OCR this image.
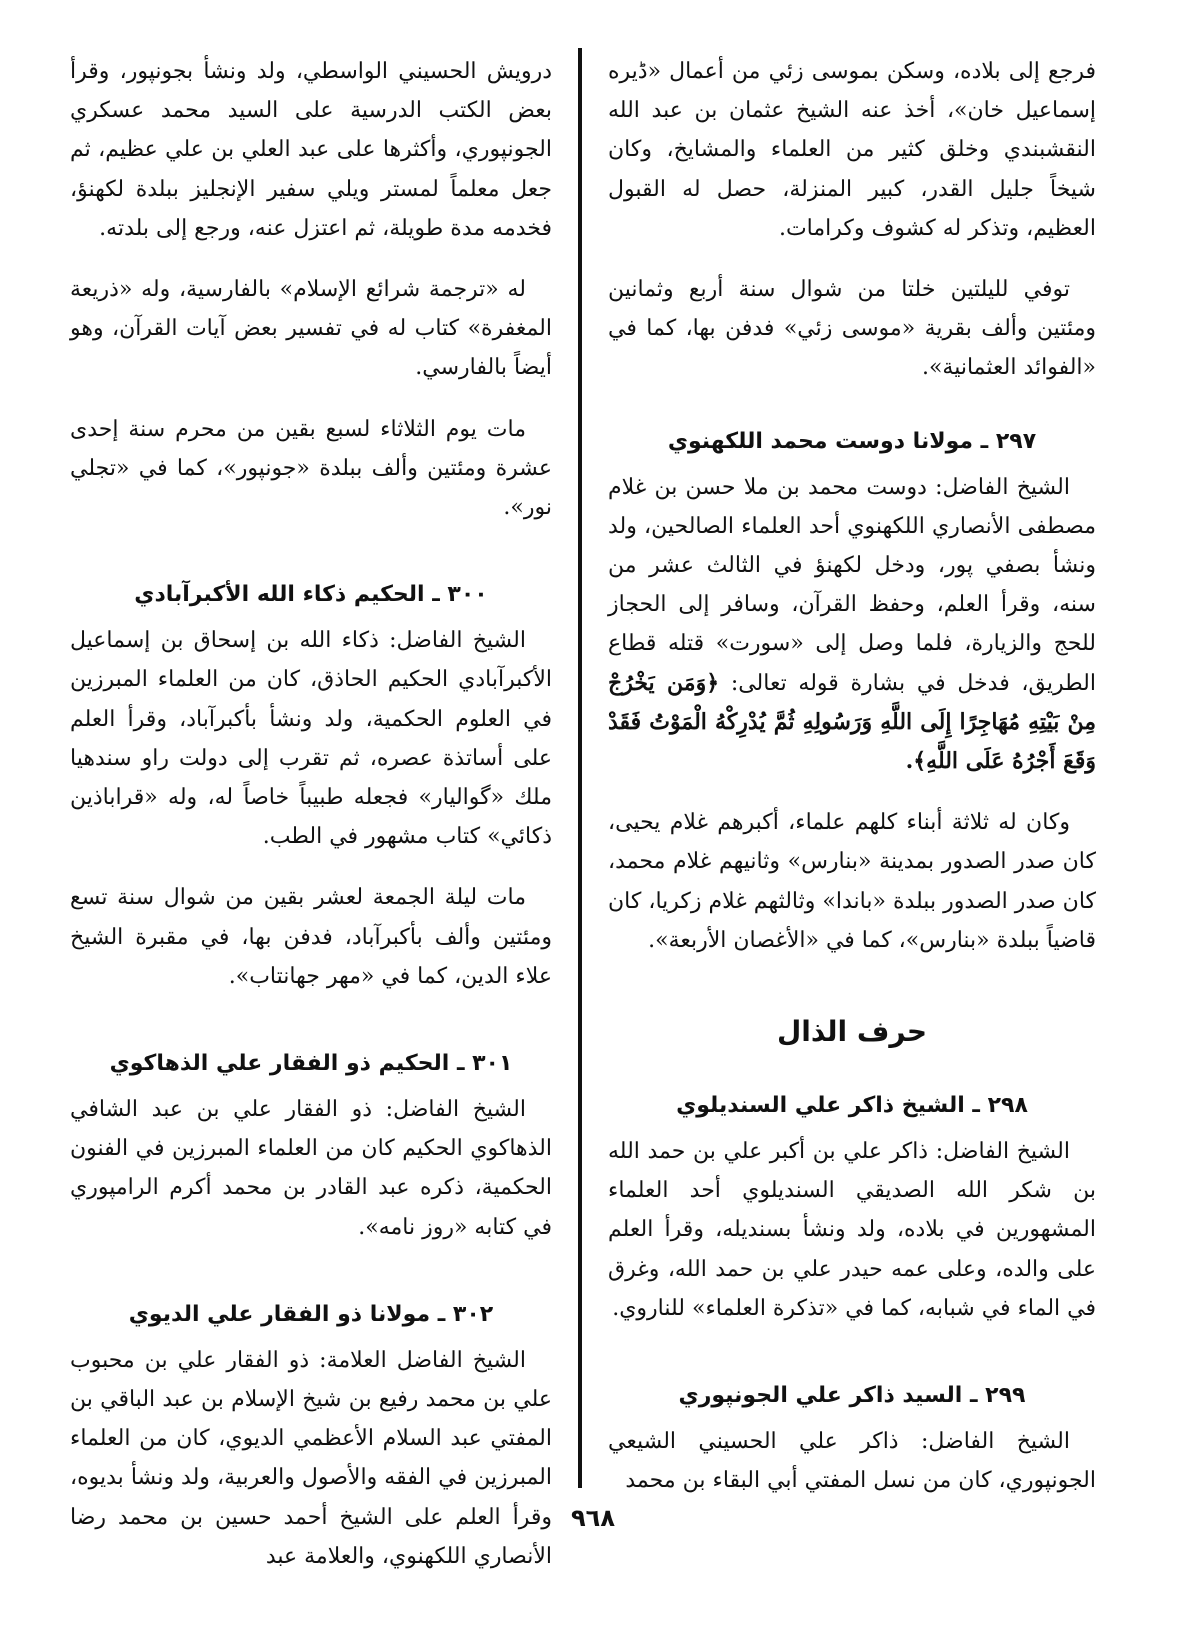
فرجع إلى بلاده، وسكن بموسى زئي من أعمال «ڈيره إسماعيل خان»، أخذ عنه الشيخ عثمان بن عبد الله النقشبندي وخلق كثير من العلماء والمشايخ، وكان شيخاً جليل القدر، كبير المنزلة، حصل له القبول العظيم، وتذكر له كشوف وكرامات.

توفي لليلتين خلتا من شوال سنة أربع وثمانين ومئتين وألف بقرية «موسى زئي» فدفن بها، كما في «الفوائد العثمانية».

٢٩٧ ـ مولانا دوست محمد اللكهنوي

الشيخ الفاضل: دوست محمد بن ملا حسن بن غلام مصطفى الأنصاري اللكهنوي أحد العلماء الصالحين، ولد ونشأ بصفي پور، ودخل لكهنؤ في الثالث عشر من سنه، وقرأ العلم، وحفظ القرآن، وسافر إلى الحجاز للحج والزيارة، فلما وصل إلى «سورت» قتله قطاع الطريق، فدخل في بشارة قوله تعالى: ﴿وَمَن يَخْرُجْ مِنْ بَيْتِهِ مُهَاجِرًا إِلَى اللَّهِ وَرَسُولِهِ ثُمَّ يُدْرِكْهُ الْمَوْتُ فَقَدْ وَقَعَ أَجْرُهُ عَلَى اللَّهِ﴾.

وكان له ثلاثة أبناء كلهم علماء، أكبرهم غلام يحيى، كان صدر الصدور بمدينة «بنارس» وثانيهم غلام محمد، كان صدر الصدور ببلدة «باندا» وثالثهم غلام زكريا، كان قاضياً ببلدة «بنارس»، كما في «الأغصان الأربعة».

حرف الذال
٢٩٨ ـ الشيخ ذاكر علي السنديلوي

الشيخ الفاضل: ذاكر علي بن أكبر علي بن حمد الله بن شكر الله الصديقي السنديلوي أحد العلماء المشهورين في بلاده، ولد ونشأ بسنديله، وقرأ العلم على والده، وعلى عمه حيدر علي بن حمد الله، وغرق في الماء في شبابه، كما في «تذكرة العلماء» للناروي.

٢٩٩ ـ السيد ذاكر علي الجونپوري

الشيخ الفاضل: ذاكر علي الحسيني الشيعي الجونپوري، كان من نسل المفتي أبي البقاء بن محمد

درويش الحسيني الواسطي، ولد ونشأ بجونپور، وقرأ بعض الكتب الدرسية على السيد محمد عسكري الجونپوري، وأكثرها على عبد العلي بن علي عظيم، ثم جعل معلماً لمستر ويلي سفير الإنجليز ببلدة لكهنؤ، فخدمه مدة طويلة، ثم اعتزل عنه، ورجع إلى بلدته.

له «ترجمة شرائع الإسلام» بالفارسية، وله «ذريعة المغفرة» كتاب له في تفسير بعض آيات القرآن، وهو أيضاً بالفارسي.

مات يوم الثلاثاء لسبع بقين من محرم سنة إحدى عشرة ومئتين وألف ببلدة «جونپور»، كما في «تجلي نور».

٣٠٠ ـ الحكيم ذكاء الله الأكبرآبادي

الشيخ الفاضل: ذكاء الله بن إسحاق بن إسماعيل الأكبرآبادي الحكيم الحاذق، كان من العلماء المبرزين في العلوم الحكمية، ولد ونشأ بأكبرآباد، وقرأ العلم على أساتذة عصره، ثم تقرب إلى دولت راو سندهيا ملك «گواليار» فجعله طبيباً خاصاً له، وله «قراباذين ذكائي» كتاب مشهور في الطب.

مات ليلة الجمعة لعشر بقين من شوال سنة تسع ومئتين وألف بأكبرآباد، فدفن بها، في مقبرة الشيخ علاء الدين، كما في «مهر جهانتاب».

٣٠١ ـ الحكيم ذو الفقار علي الذهاكوي

الشيخ الفاضل: ذو الفقار علي بن عبد الشافي الذهاكوي الحكيم كان من العلماء المبرزين في الفنون الحكمية، ذكره عبد القادر بن محمد أكرم الرامپوري في كتابه «روز نامه».

٣٠٢ ـ مولانا ذو الفقار علي الديوي

الشيخ الفاضل العلامة: ذو الفقار علي بن محبوب علي بن محمد رفيع بن شيخ الإسلام بن عبد الباقي بن المفتي عبد السلام الأعظمي الديوي، كان من العلماء المبرزين في الفقه والأصول والعربية، ولد ونشأ بديوه، وقرأ العلم على الشيخ أحمد حسين بن محمد رضا الأنصاري اللكهنوي، والعلامة عبد

٩٦٨
